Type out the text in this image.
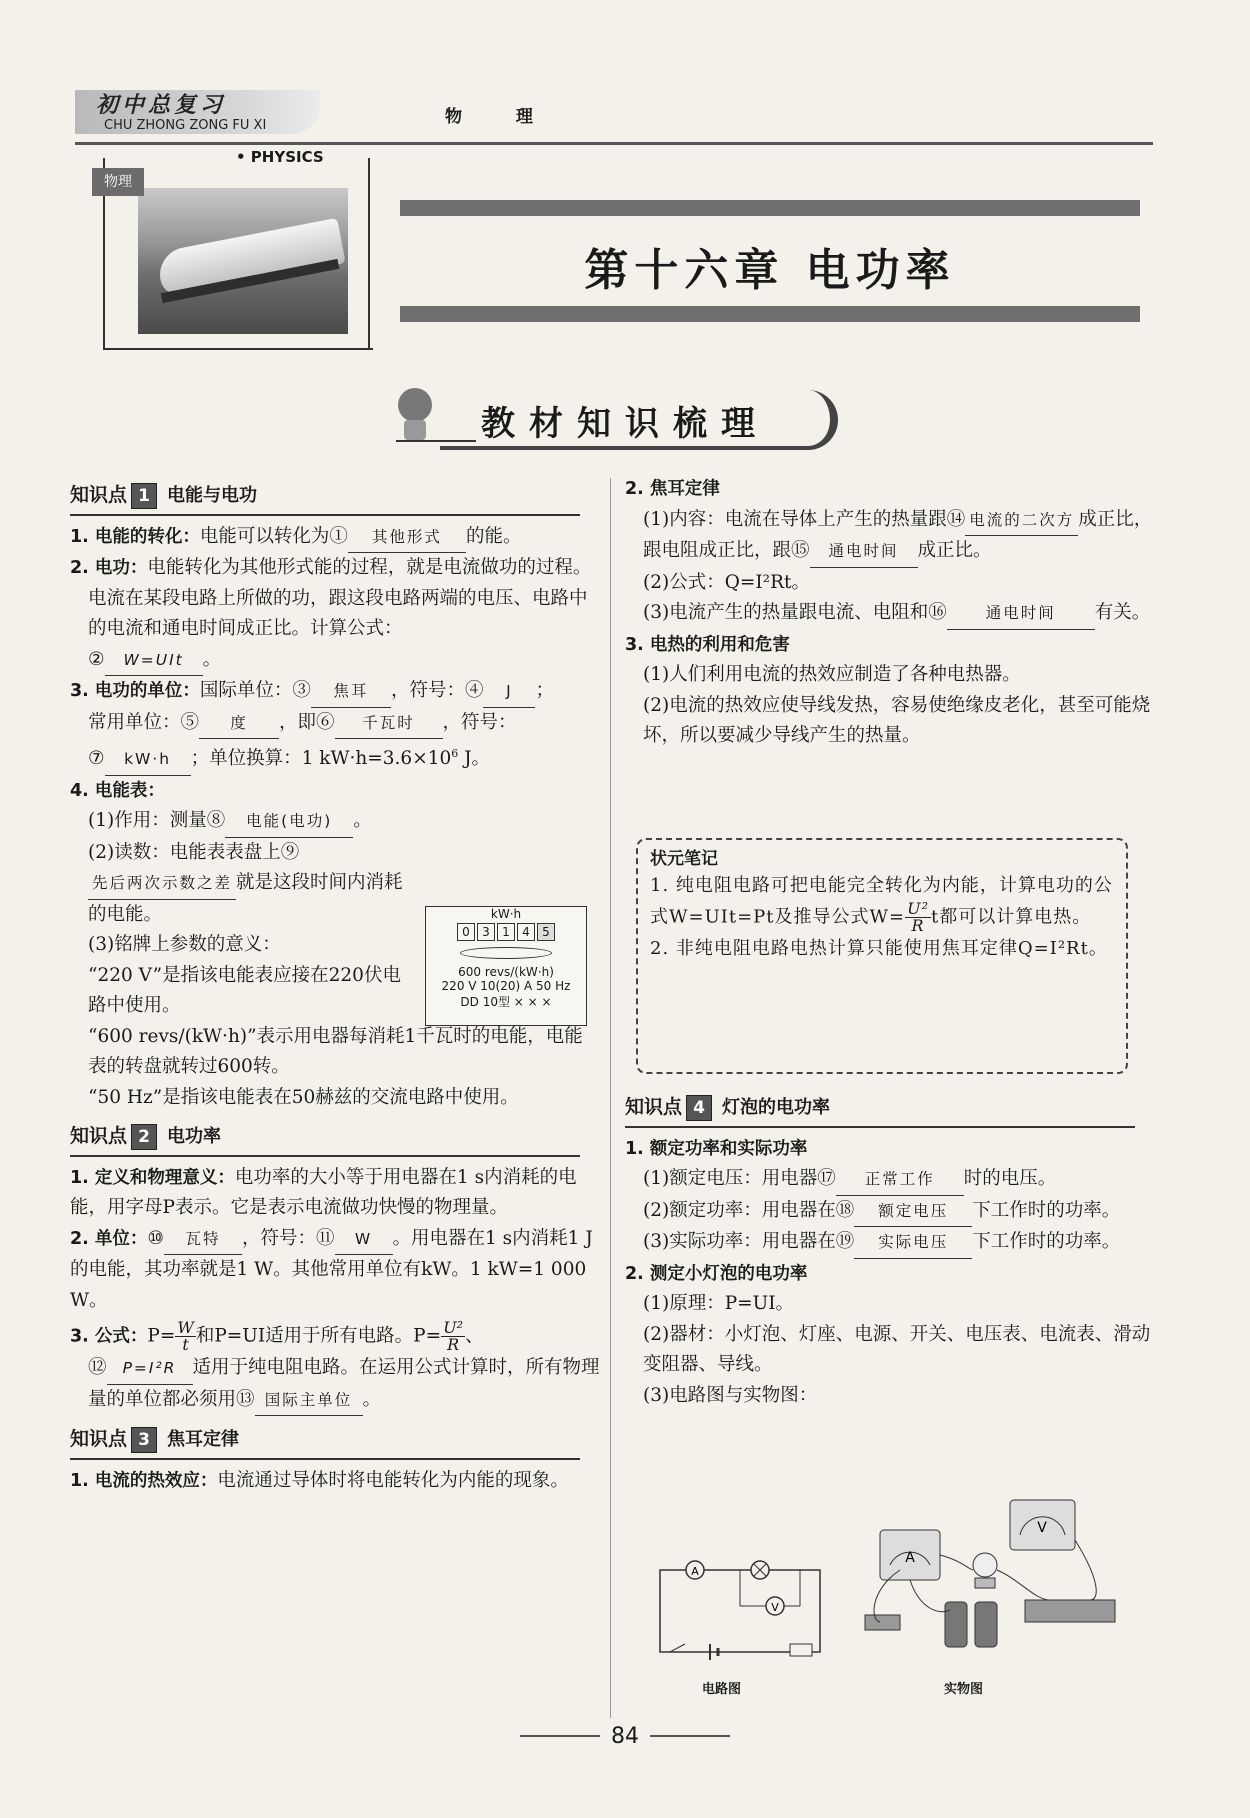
初中总复习
CHU ZHONG ZONG FU XI	物 理
• PHYSICS
物理
第十六章 电功率
教材知识梳理
知识点 1 电能与电功

1. 电能的转化：电能可以转化为① 其他形式 的能。

2. 电功：电能转化为其他形式能的过程，就是电流做功的过程。

电流在某段电路上所做的功，跟这段电路两端的电压、电路中的电流和通电时间成正比。计算公式：

② W=UIt 。

3. 电功的单位：国际单位：③ 焦耳 ，符号：④ J ；

常用单位：⑤ 度 ，即⑥ 千瓦时 ，符号：

⑦ kW·h ；单位换算：1 $kW\cdot h=3.6\times 10^6$ J。

4. 电能表：

(1)作用：测量⑧ 电能(电功) 。

(2)读数：电能表表盘上⑨先后两次示数之差 就是这段时间内消耗的电能。

(3)铭牌上参数的意义：

“220 V”是指该电能表应接在220伏电路中使用。

“600 revs/(kW·h)”表示用电器每消耗1千瓦时的电能，电能表的转盘就转过600转。

“50 Hz”是指该电能表在50赫兹的交流电路中使用。

知识点 2 电功率

1. 定义和物理意义：电功率的大小等于用电器在1 s内消耗的电能，用字母P表示。它是表示电流做功快慢的物理量。

2. 单位：⑩ 瓦特 ，符号：⑪ W 。用电器在1 s内消耗1 J的电能，其功率就是1 W。其他常用单位有kW。1 kW=1 000 W。

3. 公式：$P= \frac{W}{t}$ 和P=UI适用于所有电路。$P= \frac{\text{U²}}{R}$ 、

⑫ P=I²R 适用于纯电阻电路。在运用公式计算时，所有物理量的单位都必须用⑬ 国际主单位 。

知识点 3 焦耳定律

1. 电流的热效应：电流通过导体时将电能转化为内能的现象。

kW·h
0	3	1	4	5
600 revs/(kW·h)
220 V 10(20) A 50 Hz
DD 10型 × × ×

2. 焦耳定律

(1)内容：电流在导体上产生的热量跟⑭ 电流的二次方 成正比，跟电阻成正比，跟⑮ 通电时间 成正比。

(2)公式：Q=I²Rt。

(3)电流产生的热量跟电流、电阻和⑯	通电时间 有关。

3. 电热的利用和危害

(1)人们利用电流的热效应制造了各种电热器。

(2)电流的热效应使导线发热，容易使绝缘皮老化，甚至可能烧坏，所以要减少导线产生的热量。

状元笔记

1. 纯电阻电路可把电能完全转化为内能，计算电功的公式W=UIt=Pt及推导公式$W= \frac{\text{U²}}{R}$ t都可以计算电热。

2. 非纯电阻电路电热计算只能使用焦耳定律Q=I²Rt。

知识点 4 灯泡的电功率

1. 额定功率和实际功率

(1)额定电压：用电器⑰ 正常工作 时的电压。

(2)额定功率：用电器在⑱ 额定电压 下工作时的功率。

(3)实际功率：用电器在⑲ 实际电压 下工作时的功率。

2. 测定小灯泡的电功率

(1)原理：P=UI。

(2)器材：小灯泡、灯座、电源、开关、电压表、电流表、滑动变阻器、导线。

(3)电路图与实物图：

A
V
电路图
A
V
实物图
84
